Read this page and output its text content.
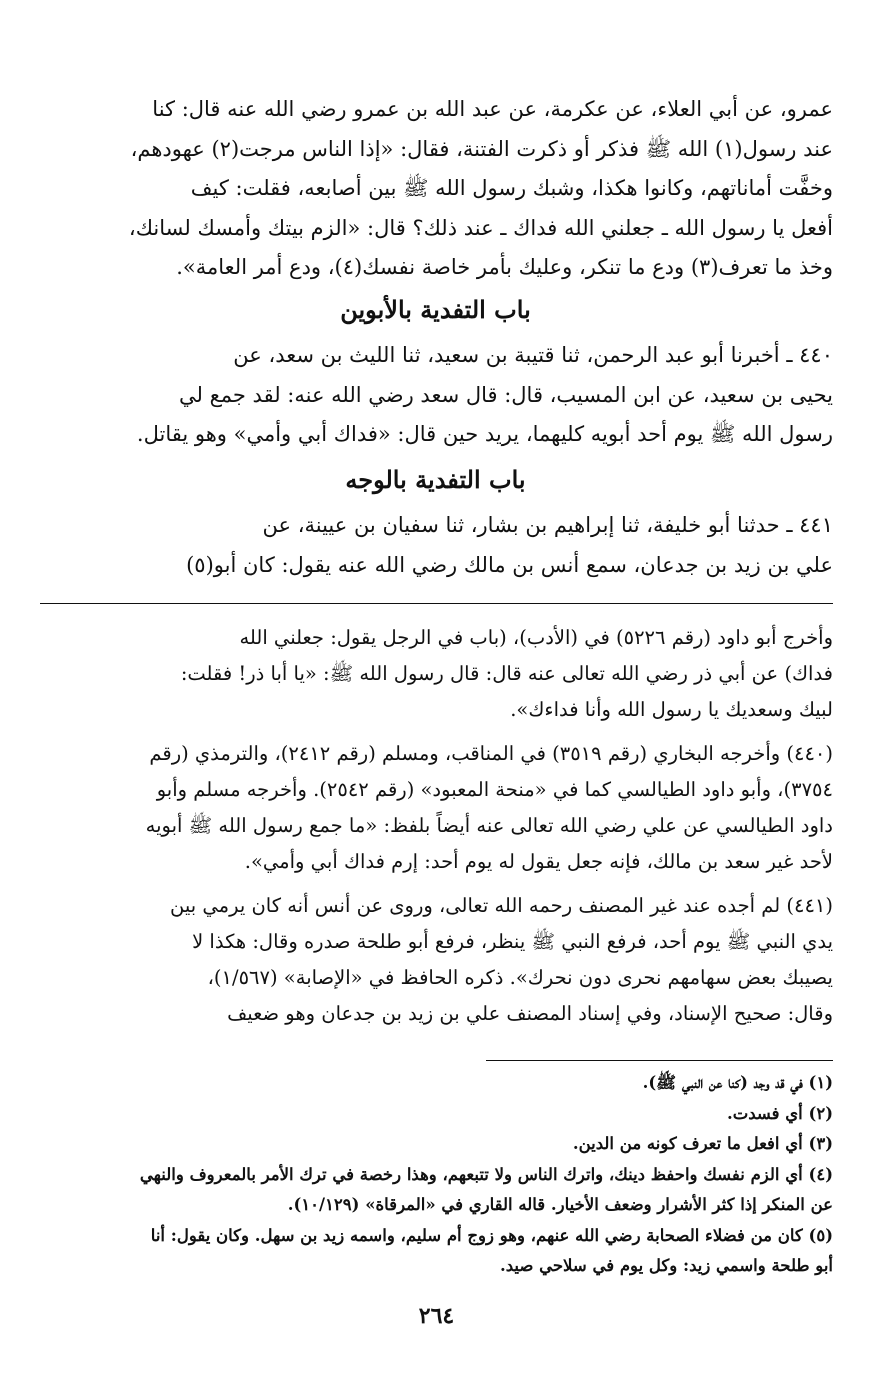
عمرو، عن أبي العلاء، عن عكرمة، عن عبد الله بن عمرو رضي الله عنه قال: كنا
عند رسول(١) الله ﷺ فذكر أو ذكرت الفتنة، فقال: «إذا الناس مرجت(٢) عهودهم،
وخفَّت أماناتهم، وكانوا هكذا، وشبك رسول الله ﷺ بين أصابعه، فقلت: كيف
أفعل يا رسول الله ـ جعلني الله فداك ـ عند ذلك؟ قال: «الزم بيتك وأمسك لسانك،
وخذ ما تعرف(٣) ودع ما تنكر، وعليك بأمر خاصة نفسك(٤)، ودع أمر العامة».
باب التفدية بالأبوين
٤٤٠ ـ أخبرنا أبو عبد الرحمن، ثنا قتيبة بن سعيد، ثنا الليث بن سعد، عن
يحيى بن سعيد، عن ابن المسيب، قال: قال سعد رضي الله عنه: لقد جمع لي
رسول الله ﷺ يوم أحد أبويه كليهما، يريد حين قال: «فداك أبي وأمي» وهو يقاتل.
باب التفدية بالوجه
٤٤١ ـ حدثنا أبو خليفة، ثنا إبراهيم بن بشار، ثنا سفيان بن عيينة، عن
علي بن زيد بن جدعان، سمع أنس بن مالك رضي الله عنه يقول: كان أبو(٥)
وأخرج أبو داود (رقم ٥٢٢٦) في (الأدب)، (باب في الرجل يقول: جعلني الله
فداك) عن أبي ذر رضي الله تعالى عنه قال: قال رسول الله ﷺ: «يا أبا ذر! فقلت:
لبيك وسعديك يا رسول الله وأنا فداءك».
(٤٤٠) وأخرجه البخاري (رقم ٣٥١٩) في المناقب، ومسلم (رقم ٢٤١٢)، والترمذي (رقم
٣٧٥٤)، وأبو داود الطيالسي كما في «منحة المعبود» (رقم ٢٥٤٢). وأخرجه مسلم وأبو
داود الطيالسي عن علي رضي الله تعالى عنه أيضاً بلفظ: «ما جمع رسول الله ﷺ أبويه
لأحد غير سعد بن مالك، فإنه جعل يقول له يوم أحد: إرم فداك أبي وأمي».
(٤٤١) لم أجده عند غير المصنف رحمه الله تعالى، وروى عن أنس أنه كان يرمي بين
يدي النبي ﷺ يوم أحد، فرفع النبي ﷺ ينظر، فرفع أبو طلحة صدره وقال: هكذا لا
يصيبك بعض سهامهم نحرى دون نحرك». ذكره الحافظ في «الإصابة» (١/٥٦٧)،
وقال: صحيح الإسناد، وفي إسناد المصنف علي بن زيد بن جدعان وهو ضعيف
(١) في قد وجد (كنا عن النبي ﷺ).
(٢) أي فسدت.
(٣) أي افعل ما تعرف كونه من الدين.
(٤) أي الزم نفسك واحفظ دينك، واترك الناس ولا تتبعهم، وهذا رخصة في ترك الأمر بالمعروف والنهي
عن المنكر إذا كثر الأشرار وضعف الأخيار. قاله القاري في «المرقاة» (١٠/١٢٩).
(٥) كان من فضلاء الصحابة رضي الله عنهم، وهو زوج أم سليم، واسمه زيد بن سهل. وكان يقول: أنا
أبو طلحة واسمي زيد: وكل يوم في سلاحي صيد.
٢٦٤
